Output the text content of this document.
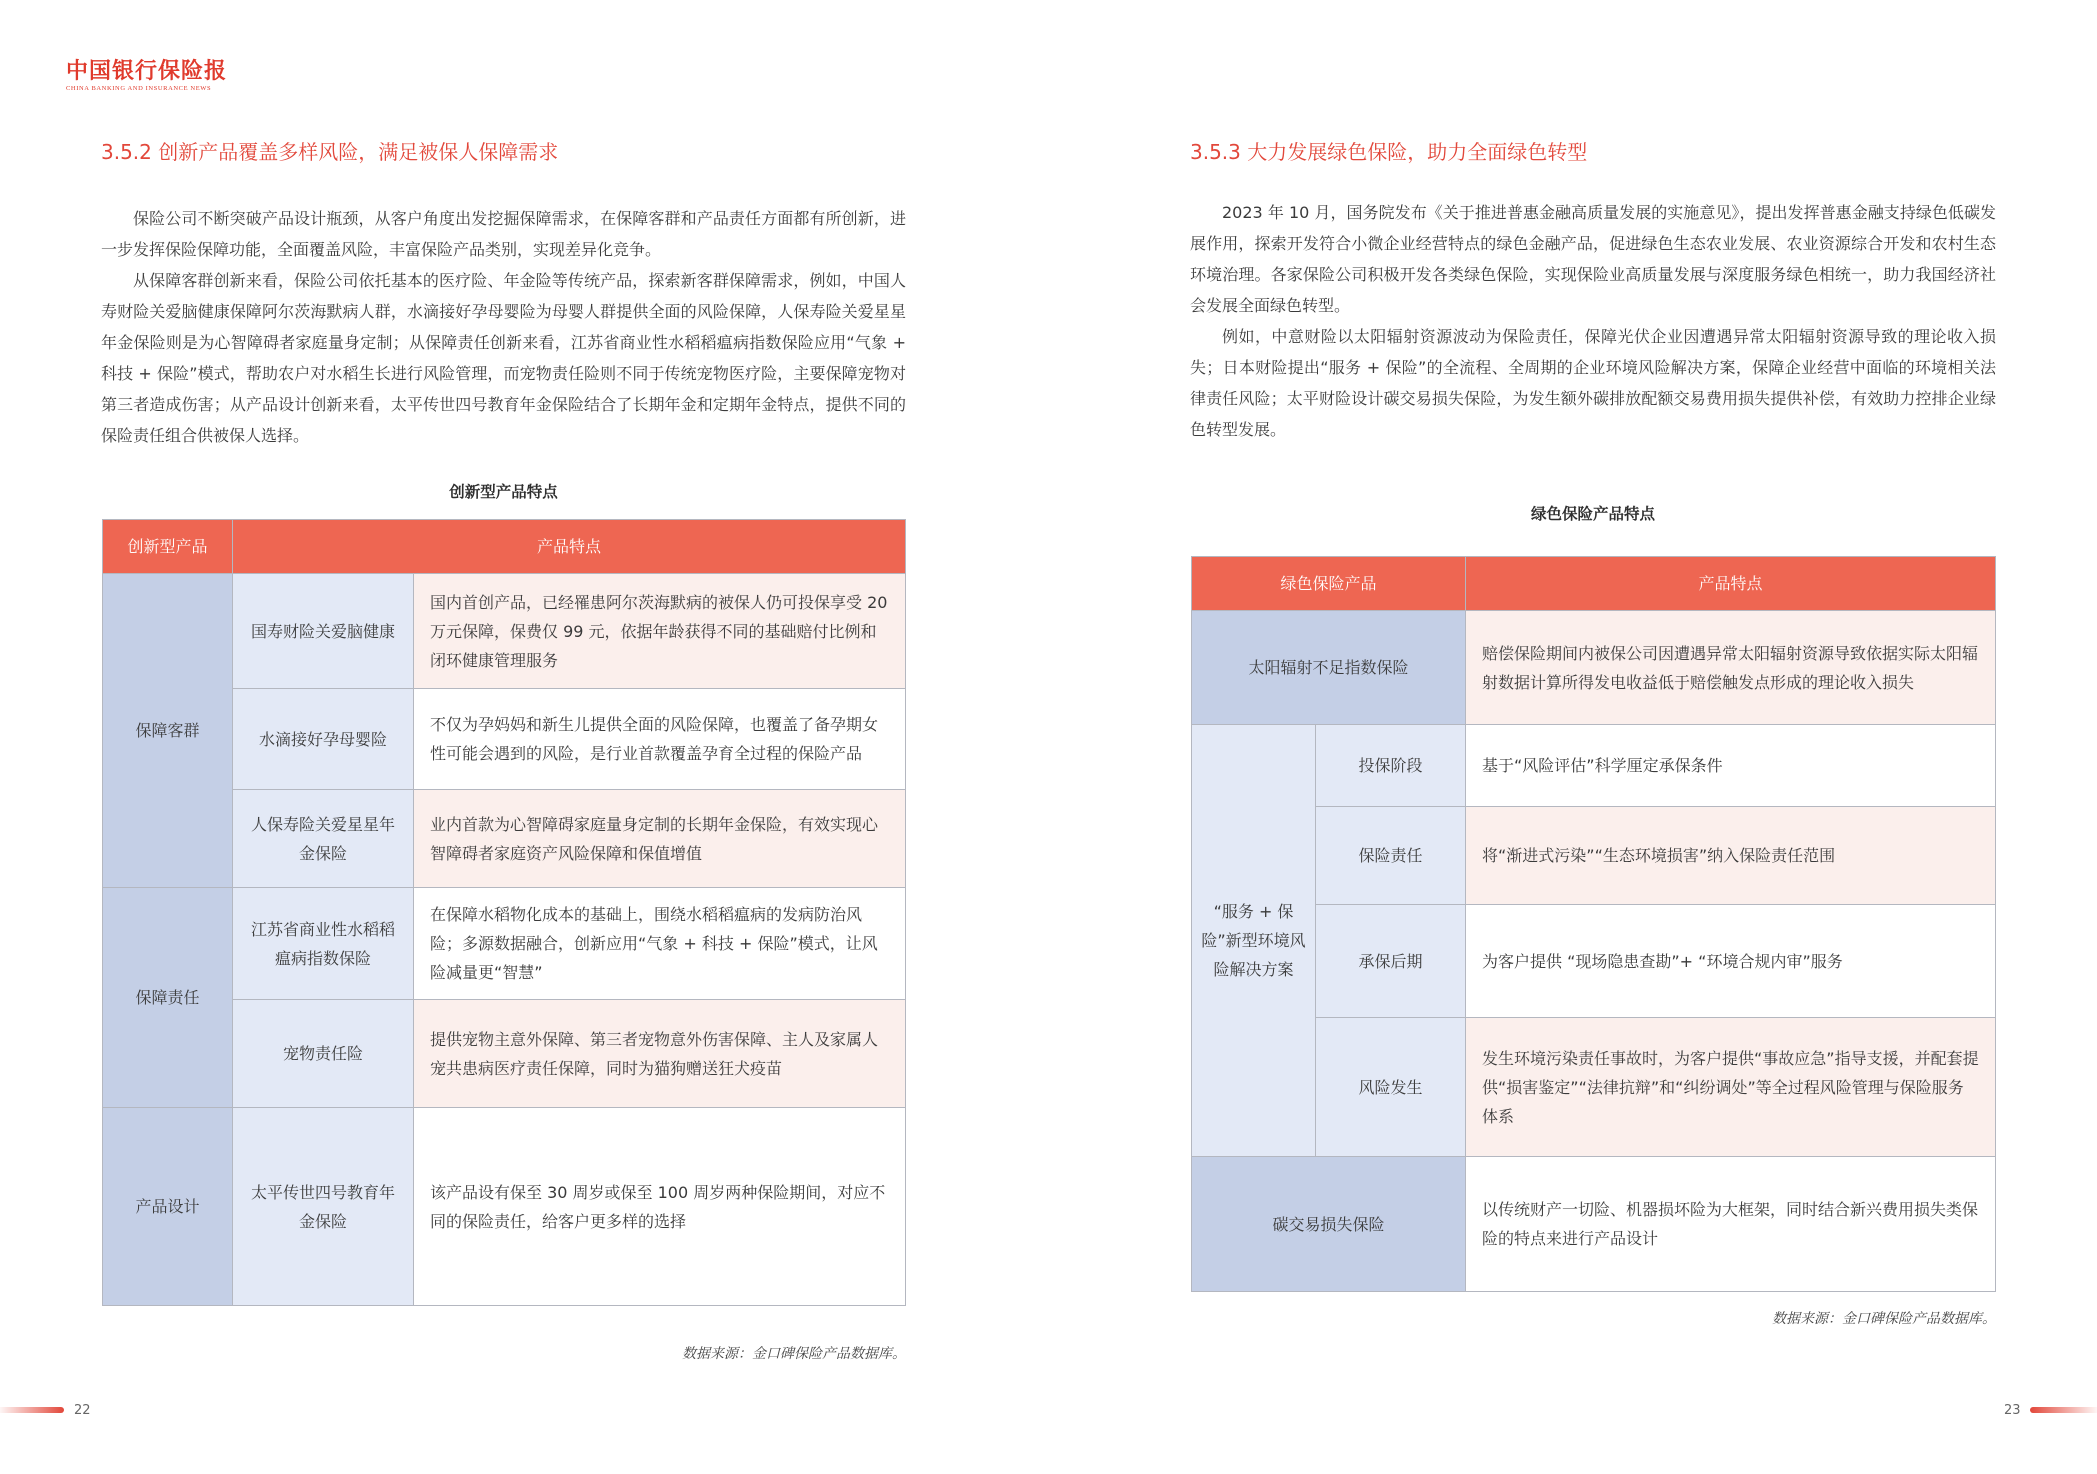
中国银行保险报
CHINA BANKING AND INSURANCE NEWS
3.5.2 创新产品覆盖多样风险，满足被保人保障需求

保险公司不断突破产品设计瓶颈，从客户角度出发挖掘保障需求，在保障客群和产品责任方面都有所创新，进一步发挥保险保障功能，全面覆盖风险，丰富保险产品类别，实现差异化竞争。

从保障客群创新来看，保险公司依托基本的医疗险、年金险等传统产品，探索新客群保障需求，例如，中国人寿财险关爱脑健康保障阿尔茨海默病人群，水滴接好孕母婴险为母婴人群提供全面的风险保障，人保寿险关爱星星年金保险则是为心智障碍者家庭量身定制；从保障责任创新来看，江苏省商业性水稻稻瘟病指数保险应用“气象 + 科技 + 保险”模式，帮助农户对水稻生长进行风险管理，而宠物责任险则不同于传统宠物医疗险，主要保障宠物对第三者造成伤害；从产品设计创新来看，太平传世四号教育年金保险结合了长期年金和定期年金特点，提供不同的保险责任组合供被保人选择。

创新型产品特点
创新型产品	产品特点	
保障客群	国寿财险关爱脑健康	国内首创产品，已经罹患阿尔茨海默病的被保人仍可投保享受 20 万元保障，保费仅 99 元，依据年龄获得不同的基础赔付比例和闭环健康管理服务
	水滴接好孕母婴险	不仅为孕妈妈和新生儿提供全面的风险保障，也覆盖了备孕期女性可能会遇到的风险，是行业首款覆盖孕育全过程的保险产品
	人保寿险关爱星星年金保险	业内首款为心智障碍家庭量身定制的长期年金保险，有效实现心智障碍者家庭资产风险保障和保值增值
保障责任	江苏省商业性水稻稻瘟病指数保险	在保障水稻物化成本的基础上，围绕水稻稻瘟病的发病防治风险；多源数据融合，创新应用“气象 + 科技 + 保险”模式，让风险减量更“智慧”
	宠物责任险	提供宠物主意外保障、第三者宠物意外伤害保障、主人及家属人宠共患病医疗责任保障，同时为猫狗赠送狂犬疫苗
产品设计	太平传世四号教育年金保险	该产品设有保至 30 周岁或保至 100 周岁两种保险期间，对应不同的保险责任，给客户更多样的选择
数据来源：金口碑保险产品数据库。
22
3.5.3 大力发展绿色保险，助力全面绿色转型

2023 年 10 月，国务院发布《关于推进普惠金融高质量发展的实施意见》，提出发挥普惠金融支持绿色低碳发展作用，探索开发符合小微企业经营特点的绿色金融产品，促进绿色生态农业发展、农业资源综合开发和农村生态环境治理。各家保险公司积极开发各类绿色保险，实现保险业高质量发展与深度服务绿色相统一，助力我国经济社会发展全面绿色转型。

例如，中意财险以太阳辐射资源波动为保险责任，保障光伏企业因遭遇异常太阳辐射资源导致的理论收入损失；日本财险提出“服务 + 保险”的全流程、全周期的企业环境风险解决方案，保障企业经营中面临的环境相关法律责任风险；太平财险设计碳交易损失保险，为发生额外碳排放配额交易费用损失提供补偿，有效助力控排企业绿色转型发展。

绿色保险产品特点
绿色保险产品		产品特点
太阳辐射不足指数保险		赔偿保险期间内被保公司因遭遇异常太阳辐射资源导致依据实际太阳辐射数据计算所得发电收益低于赔偿触发点形成的理论收入损失
“服务 + 保险”新型环境风险解决方案	投保阶段	基于“风险评估”科学厘定承保条件
	保险责任	将“渐进式污染”“生态环境损害”纳入保险责任范围
	承保后期	为客户提供 “现场隐患查勘”+ “环境合规内审”服务
	风险发生	发生环境污染责任事故时，为客户提供“事故应急”指导支援，并配套提供“损害鉴定”“法律抗辩”和“纠纷调处”等全过程风险管理与保险服务体系
碳交易损失保险		以传统财产一切险、机器损坏险为大框架，同时结合新兴费用损失类保险的特点来进行产品设计
数据来源：金口碑保险产品数据库。
23
